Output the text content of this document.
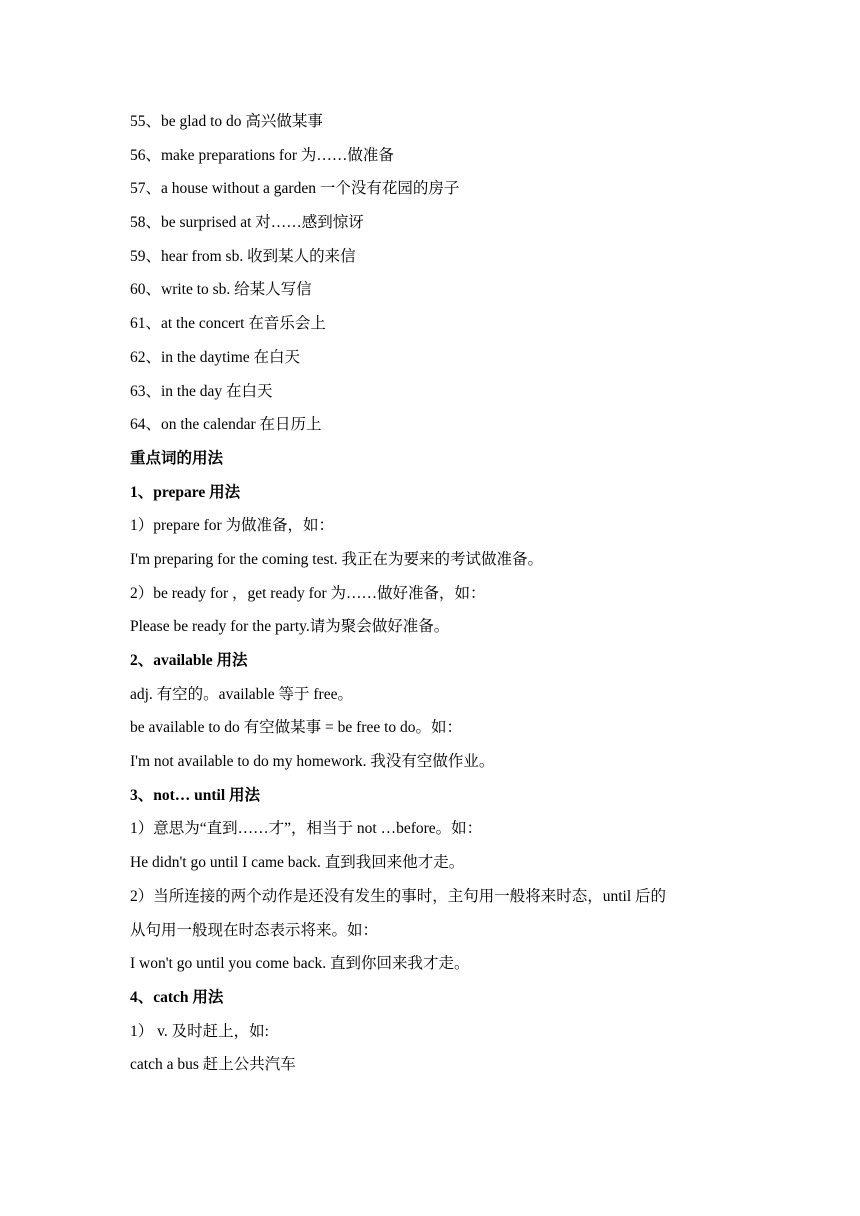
55、be glad to do 高兴做某事
56、make preparations for 为……做准备
57、a house without a garden 一个没有花园的房子
58、be surprised at 对……感到惊讶
59、hear from sb. 收到某人的来信
60、write to sb. 给某人写信
61、at the concert 在音乐会上
62、in the daytime 在白天
63、in the day 在白天
64、on the calendar 在日历上
重点词的用法
1、prepare 用法
1）prepare for 为做准备，如：
I'm preparing for the coming test. 我正在为要来的考试做准备。
2）be ready for ，get ready for 为……做好准备，如：
Please be ready for the party.请为聚会做好准备。
2、available 用法
adj. 有空的。available 等于 free。
be available to do 有空做某事 = be free to do。如：
I'm not available to do my homework. 我没有空做作业。
3、not… until 用法
1）意思为“直到……才”，相当于 not …before。如：
He didn't go until I came back. 直到我回来他才走。
2）当所连接的两个动作是还没有发生的事时，主句用一般将来时态，until 后的
从句用一般现在时态表示将来。如：
I won't go until you come back. 直到你回来我才走。
4、catch 用法
1） v. 及时赶上，如:
catch a bus 赶上公共汽车
